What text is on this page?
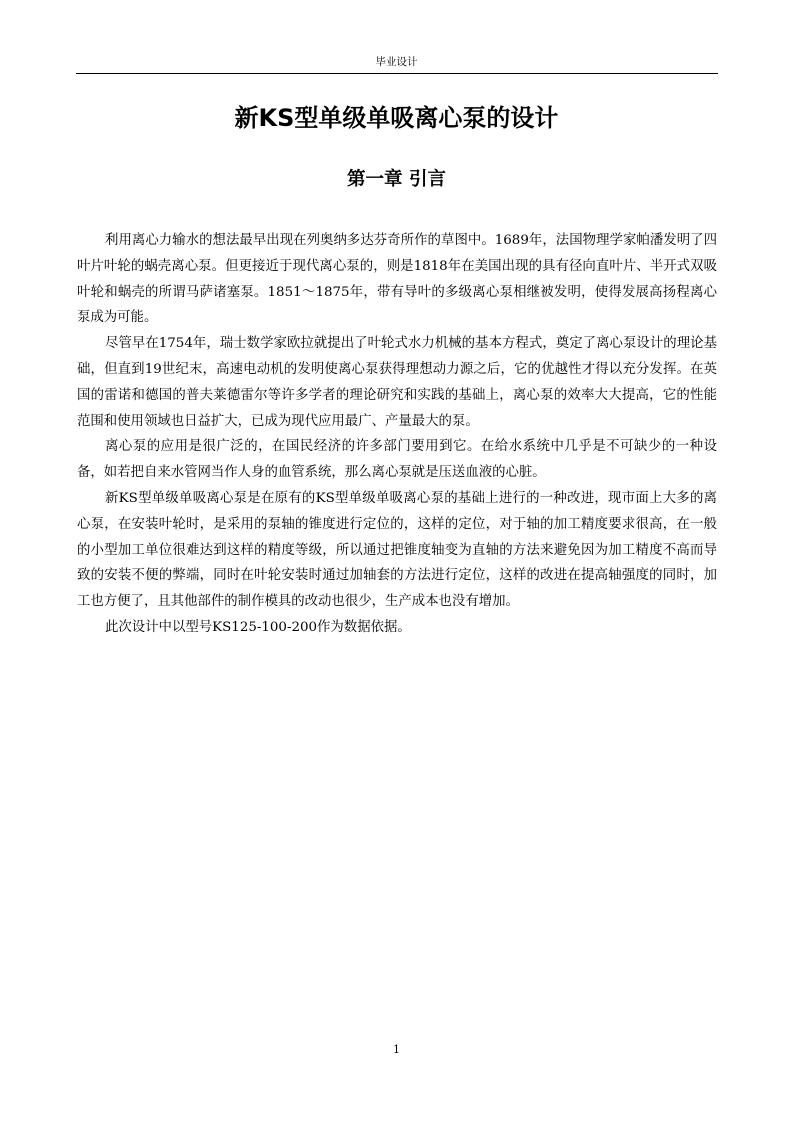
毕业设计
新KS型单级单吸离心泵的设计
第一章 引言

利用离心力输水的想法最早出现在列奥纳多达芬奇所作的草图中。1689年，法国物理学家帕潘发明了四叶片叶轮的蜗壳离心泵。但更接近于现代离心泵的，则是1818年在美国出现的具有径向直叶片、半开式双吸叶轮和蜗壳的所谓马萨诸塞泵。1851～1875年，带有导叶的多级离心泵相继被发明，使得发展高扬程离心泵成为可能。

尽管早在1754年，瑞士数学家欧拉就提出了叶轮式水力机械的基本方程式，奠定了离心泵设计的理论基础，但直到19世纪末，高速电动机的发明使离心泵获得理想动力源之后，它的优越性才得以充分发挥。在英国的雷诺和德国的普夫莱德雷尔等许多学者的理论研究和实践的基础上，离心泵的效率大大提高，它的性能范围和使用领域也日益扩大，已成为现代应用最广、产量最大的泵。

离心泵的应用是很广泛的，在国民经济的许多部门要用到它。在给水系统中几乎是不可缺少的一种设备，如若把自来水管网当作人身的血管系统，那么离心泵就是压送血液的心脏。

新KS型单级单吸离心泵是在原有的KS型单级单吸离心泵的基础上进行的一种改进，现市面上大多的离心泵，在安装叶轮时，是采用的泵轴的锥度进行定位的，这样的定位，对于轴的加工精度要求很高，在一般的小型加工单位很难达到这样的精度等级，所以通过把锥度轴变为直轴的方法来避免因为加工精度不高而导致的安装不便的弊端，同时在叶轮安装时通过加轴套的方法进行定位，这样的改进在提高轴强度的同时，加工也方便了，且其他部件的制作模具的改动也很少，生产成本也没有增加。

此次设计中以型号KS125-100-200作为数据依据。

1
